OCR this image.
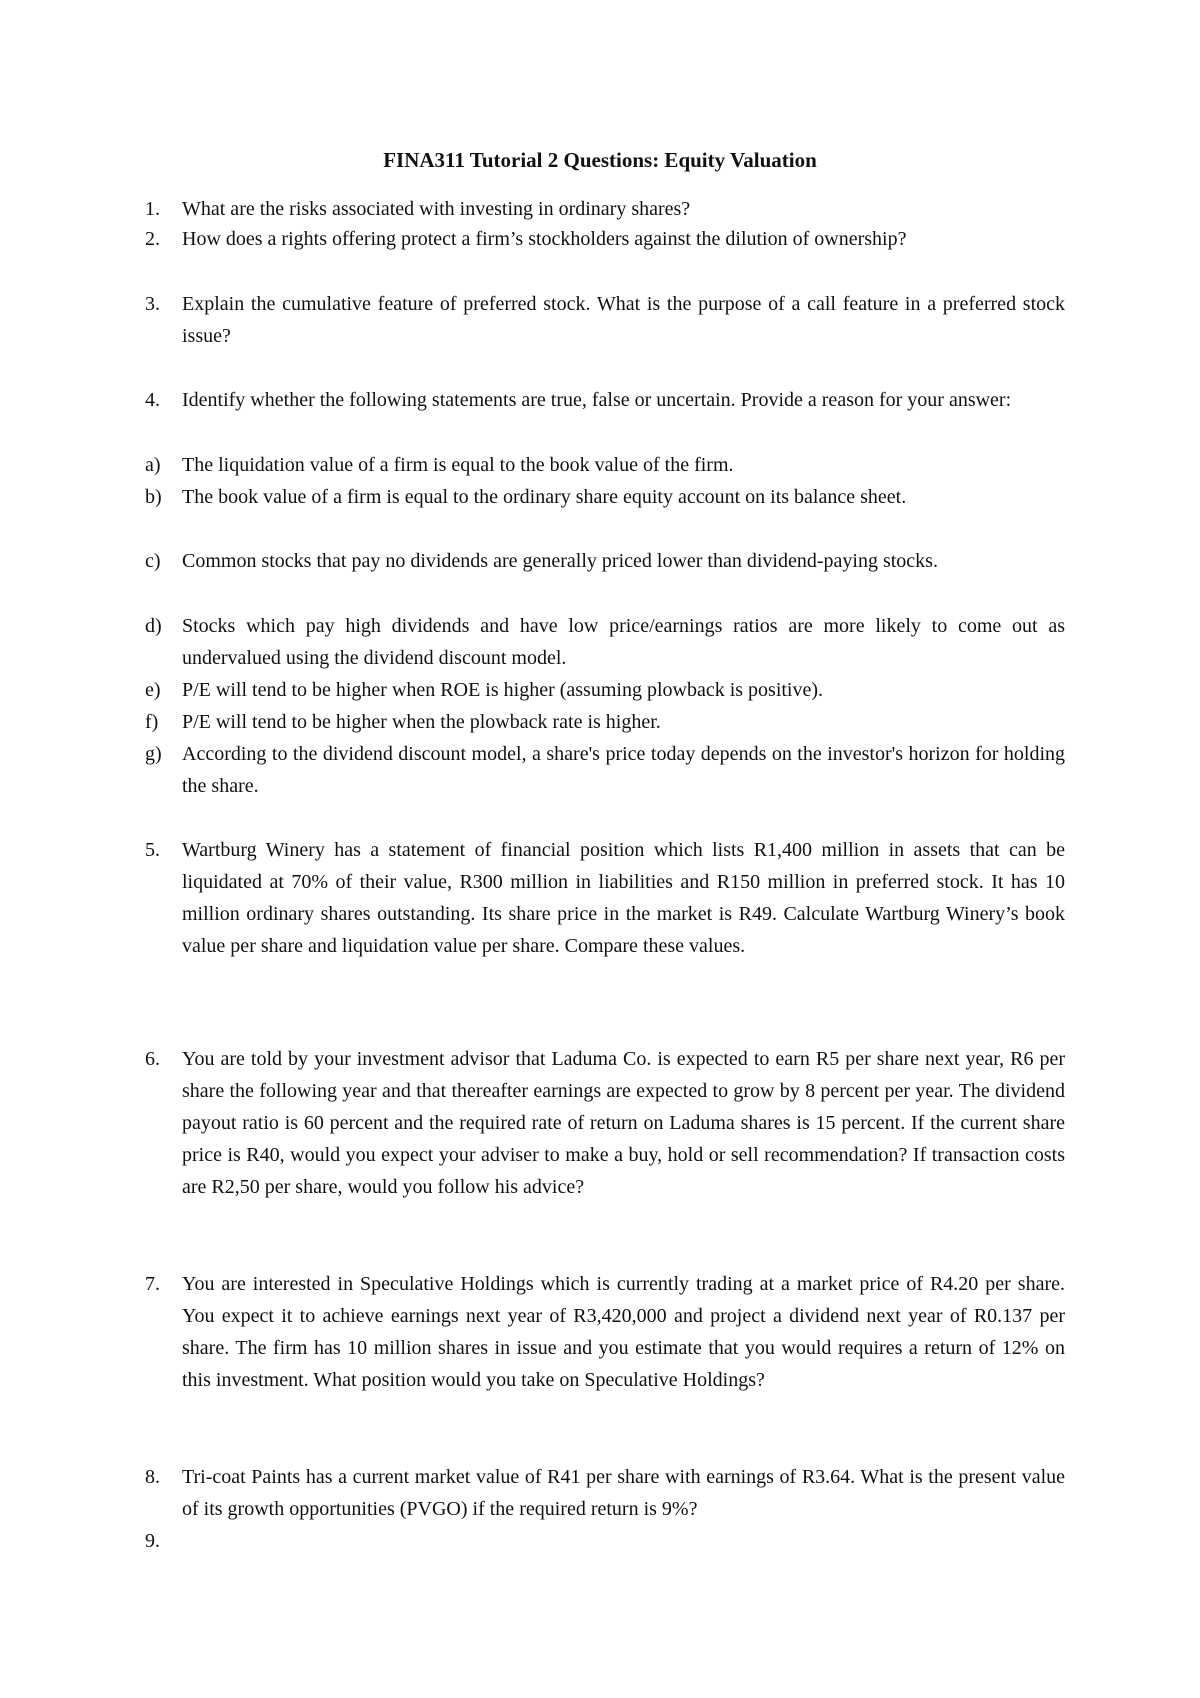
FINA311 Tutorial 2 Questions: Equity Valuation
1.	What are the risks associated with investing in ordinary shares?
2.	How does a rights offering protect a firm’s stockholders against the dilution of ownership?
3.	Explain the cumulative feature of preferred stock. What is the purpose of a call feature in a preferred stock issue?
4.	Identify whether the following statements are true, false or uncertain. Provide a reason for your answer:
a)	The liquidation value of a firm is equal to the book value of the firm.
b)	The book value of a firm is equal to the ordinary share equity account on its balance sheet.
c)	Common stocks that pay no dividends are generally priced lower than dividend-paying stocks.
d)	Stocks which pay high dividends and have low price/earnings ratios are more likely to come out as undervalued using the dividend discount model.
e)	P/E will tend to be higher when ROE is higher (assuming plowback is positive).
f)	P/E will tend to be higher when the plowback rate is higher.
g)	According to the dividend discount model, a share's price today depends on the investor's horizon for holding the share.
5.	Wartburg Winery has a statement of financial position which lists R1,400 million in assets that can be liquidated at 70% of their value, R300 million in liabilities and R150 million in preferred stock. It has 10 million ordinary shares outstanding. Its share price in the market is R49. Calculate Wartburg Winery’s book value per share and liquidation value per share. Compare these values.
6.	You are told by your investment advisor that Laduma Co. is expected to earn R5 per share next year, R6 per share the following year and that thereafter earnings are expected to grow by 8 percent per year. The dividend payout ratio is 60 percent and the required rate of return on Laduma shares is 15 percent. If the current share price is R40, would you expect your adviser to make a buy, hold or sell recommendation? If transaction costs are R2,50 per share, would you follow his advice?
7.	You are interested in Speculative Holdings which is currently trading at a market price of R4.20 per share. You expect it to achieve earnings next year of R3,420,000 and project a dividend next year of R0.137 per share. The firm has 10 million shares in issue and you estimate that you would requires a return of 12% on this investment. What position would you take on Speculative Holdings?
8.	Tri-coat Paints has a current market value of R41 per share with earnings of R3.64. What is the present value of its growth opportunities (PVGO) if the required return is 9%?
9.
